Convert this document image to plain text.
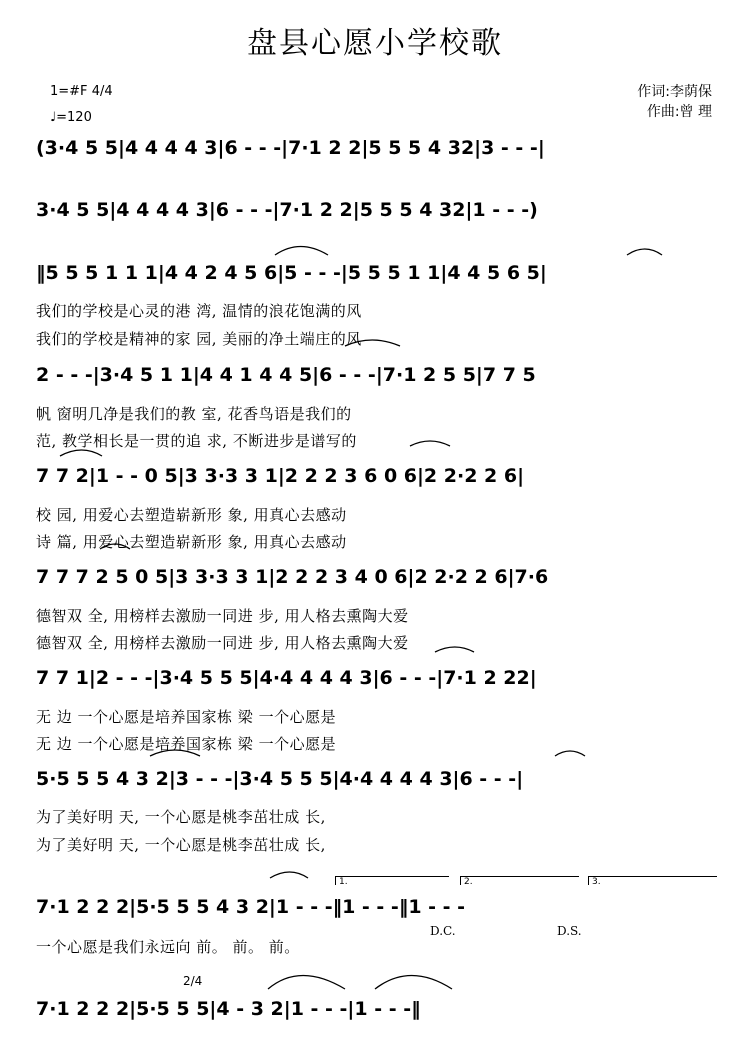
盘县心愿小学校歌
1=#F 4/4
♩=120
作词:李荫保
作曲:曾 理
(3·4 5 5|4 4 4 4 3|6 - - -|7·1 2 2|5 5 5 4 32|3 - - -|
3·4 5 5|4 4 4 4 3|6 - - -|7·1 2 2|5 5 5 4 32|1 - - -)
‖5 5 5 1 1 1|4 4 2 4 5 6|5 - - -|5 5 5 1 1|4 4 5 6 5|
我们的学校是心灵的港 湾, 温情的浪花饱满的风
我们的学校是精神的家 园, 美丽的净土端庄的风
2 - - -|3·4 5 1 1|4 4 1 4 4 5|6 - - -|7·1 2 5 5|7 7 5
帆 窗明几净是我们的教 室, 花香鸟语是我们的
范, 教学相长是一贯的追 求, 不断进步是谱写的
7 7 2|1 - - 0 5|3 3·3 3 1|2 2 2 3 6 0 6|2 2·2 2 6|
校 园, 用爱心去塑造崭新形 象, 用真心去感动
诗 篇, 用爱心去塑造崭新形 象, 用真心去感动
7 7 7 2 5 0 5|3 3·3 3 1|2 2 2 3 4 0 6|2 2·2 2 6|7·6
德智双 全, 用榜样去激励一同进 步, 用人格去熏陶大爱
德智双 全, 用榜样去激励一同进 步, 用人格去熏陶大爱
7 7 1|2 - - -|3·4 5 5 5|4·4 4 4 4 3|6 - - -|7·1 2 22|
无 边 一个心愿是培养国家栋 梁 一个心愿是
无 边 一个心愿是培养国家栋 梁 一个心愿是
5·5 5 5 4 3 2|3 - - -|3·4 5 5 5|4·4 4 4 4 3|6 - - -|
为了美好明 天, 一个心愿是桃李茁壮成 长,
为了美好明 天, 一个心愿是桃李茁壮成 长,
1.	2.	3.
7·1 2 2 2|5·5 5 5 4 3 2|1 - - -‖1 - - -‖1 - - -
D.C.	D.S.
一个心愿是我们永远向 前。 前。 前。
2/4
7·1 2 2 2|5·5 5 5|4 - 3 2|1 - - -|1 - - -‖
